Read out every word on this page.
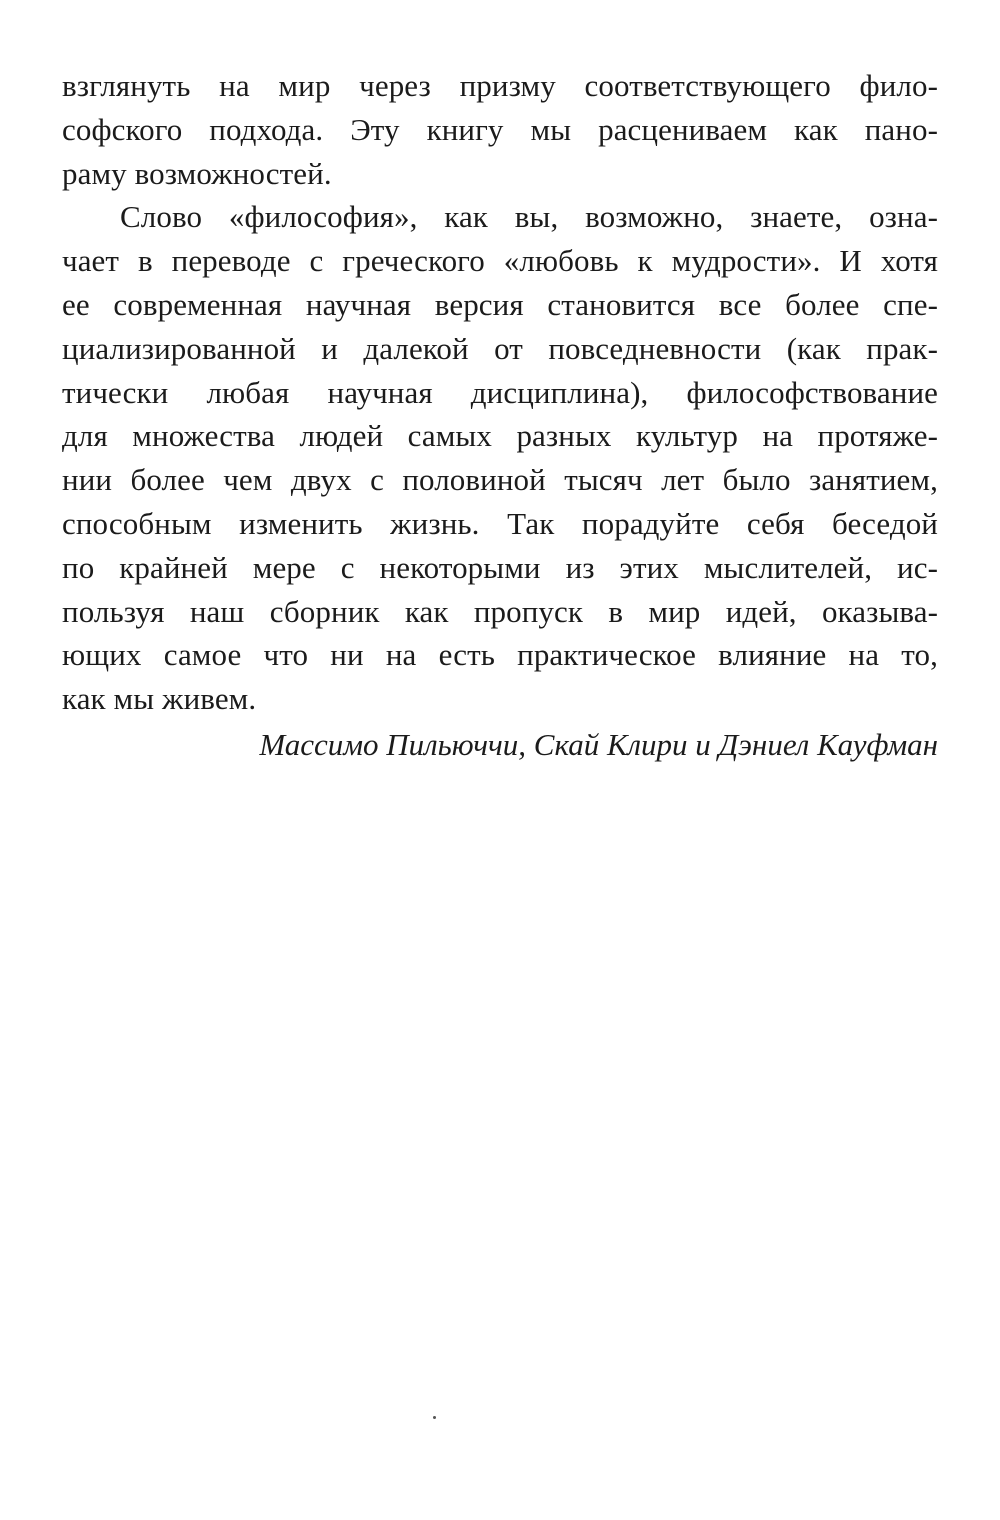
взглянуть на мир через призму соответствующего фило-
софского подхода. Эту книгу мы расцениваем как пано-
раму возможностей.
Слово «философия», как вы, возможно, знаете, озна-
чает в переводе с греческого «любовь к мудрости». И хотя
ее современная научная версия становится все более спе-
циализированной и далекой от повседневности (как прак-
тически любая научная дисциплина), философствование
для множества людей самых разных культур на протяже-
нии более чем двух с половиной тысяч лет было занятием,
способным изменить жизнь. Так порадуйте себя беседой
по крайней мере с некоторыми из этих мыслителей, ис-
пользуя наш сборник как пропуск в мир идей, оказыва-
ющих самое что ни на есть практическое влияние на то,
как мы живем.
Массимо Пильюччи, Скай Клири и Дэниел Кауфман
